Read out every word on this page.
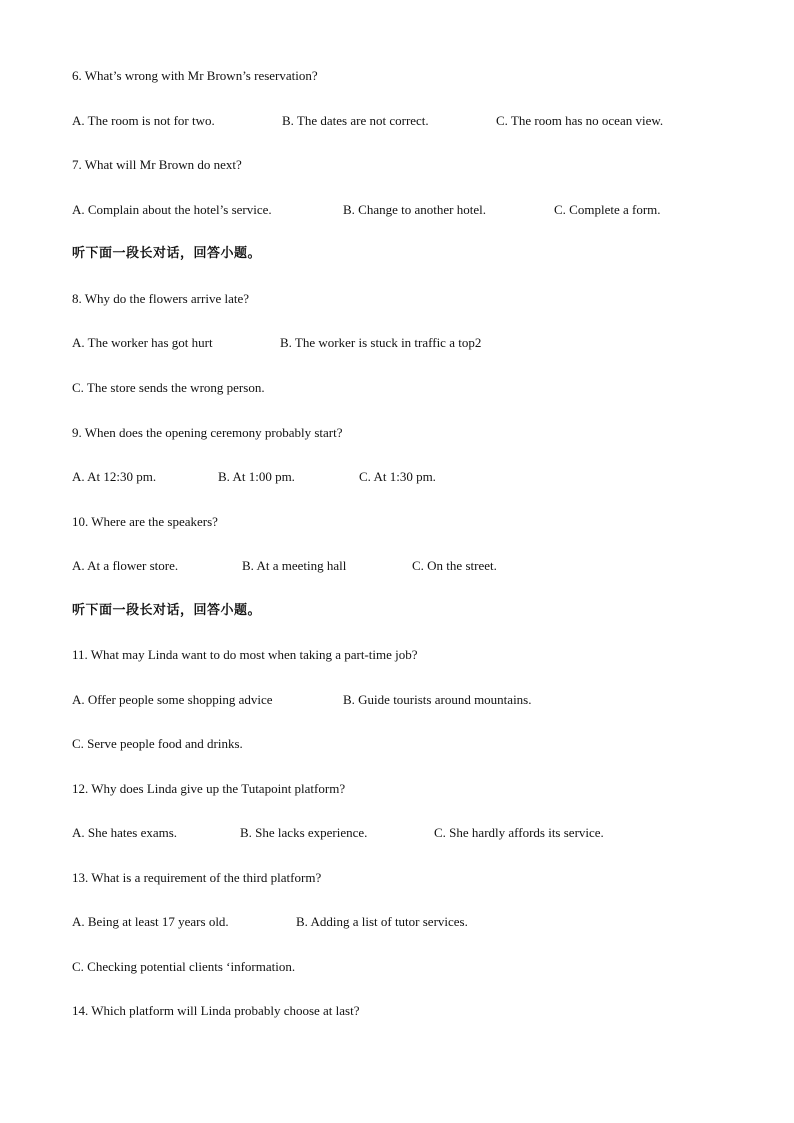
6. What’s wrong with Mr Brown’s reservation?
A. The room is not for two.	B. The dates are not correct.	C. The room has no ocean view.
7. What will Mr Brown do next?
A. Complain about the hotel’s service.	B. Change to another hotel.	C. Complete a form.
听下面一段长对话，回答小题。
8. Why do the flowers arrive late?
A. The worker has got hurt	B. The worker is stuck in traffic a top2
C. The store sends the wrong person.
9. When does the opening ceremony probably start?
A. At 12:30 pm.	B. At 1:00 pm.	C. At 1:30 pm.
10. Where are the speakers?
A. At a flower store.	B. At a meeting hall	C. On the street.
听下面一段长对话，回答小题。
11. What may Linda want to do most when taking a part-time job?
A. Offer people some shopping advice	B. Guide tourists around mountains.
C. Serve people food and drinks.
12. Why does Linda give up the Tutapoint platform?
A. She hates exams.	B. She lacks experience.	C. She hardly affords its service.
13. What is a requirement of the third platform?
A. Being at least 17 years old.	B. Adding a list of tutor services.
C. Checking potential clients ‘information.
14. Which platform will Linda probably choose at last?
